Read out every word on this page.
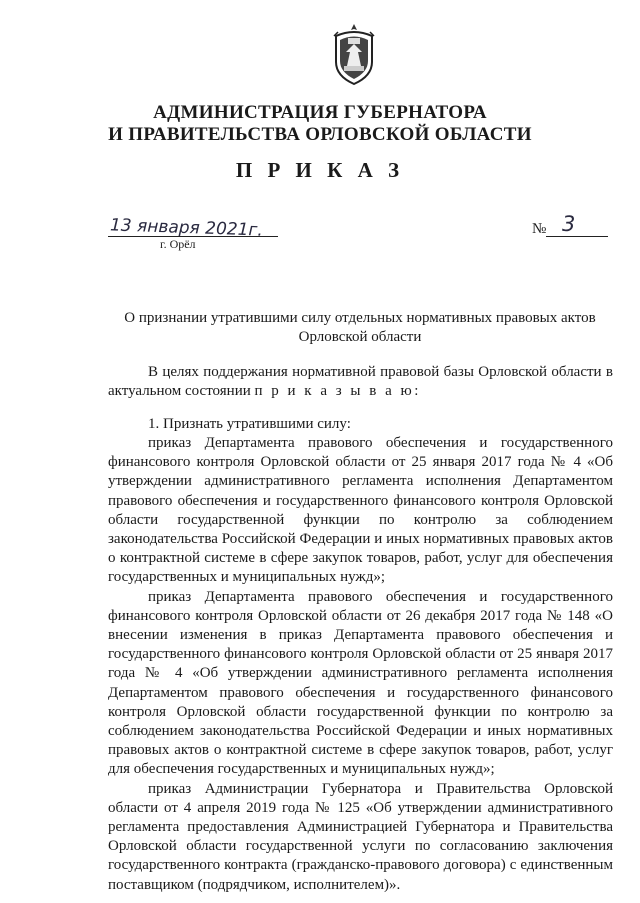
АДМИНИСТРАЦИЯ ГУБЕРНАТОРА
И ПРАВИТЕЛЬСТВА ОРЛОВСКОЙ ОБЛАСТИ
П Р И К А З
13 января 2021г.
г. Орёл
№ 3
О признании утратившими силу отдельных нормативных правовых актов Орловской области

В целях поддержания нормативной правовой базы Орловской области в актуальном состоянии п р и к а з ы в а ю:

1. Признать утратившими силу:

приказ Департамента правового обеспечения и государственного финансового контроля Орловской области от 25 января 2017 года № 4 «Об утверждении административного регламента исполнения Департаментом правового обеспечения и государственного финансового контроля Орловской области государственной функции по контролю за соблюдением законодательства Российской Федерации и иных нормативных правовых актов о контрактной системе в сфере закупок товаров, работ, услуг для обеспечения государственных и муниципальных нужд»;

приказ Департамента правового обеспечения и государственного финансового контроля Орловской области от 26 декабря 2017 года № 148 «О внесении изменения в приказ Департамента правового обеспечения и государственного финансового контроля Орловской области от 25 января 2017 года № 4 «Об утверждении административного регламента исполнения Департаментом правового обеспечения и государственного финансового контроля Орловской области государственной функции по контролю за соблюдением законодательства Российской Федерации и иных нормативных правовых актов о контрактной системе в сфере закупок товаров, работ, услуг для обеспечения государственных и муниципальных нужд»;

приказ Администрации Губернатора и Правительства Орловской области от 4 апреля 2019 года № 125 «Об утверждении административного регламента предоставления Администрацией Губернатора и Правительства Орловской области государственной услуги по согласованию заключения государственного контракта (гражданско-правового договора) с единственным поставщиком (подрядчиком, исполнителем)».
